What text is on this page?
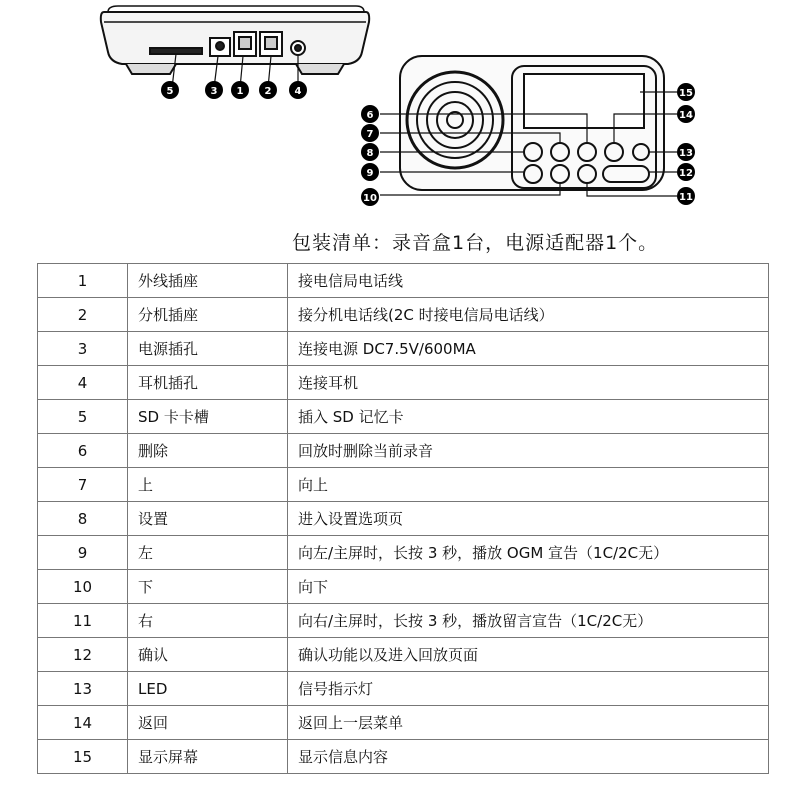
5	3 1 2 4
6
7
8
9
10
15
14
13
12
11
包装清单：录音盒1台，电源适配器1个。
1	外线插座	接电信局电话线
2	分机插座	接分机电话线(2C 时接电信局电话线）
3	电源插孔	连接电源 DC7.5V/600MA
4	耳机插孔	连接耳机
5	SD 卡卡槽	插入 SD 记忆卡
6	删除	回放时删除当前录音
7	上	向上
8	设置	进入设置选项页
9	左	向左/主屏时，长按 3 秒，播放 OGM 宣告（1C/2C无）
10	下	向下
11	右	向右/主屏时，长按 3 秒，播放留言宣告（1C/2C无）
12	确认	确认功能以及进入回放页面
13	LED	信号指示灯
14	返回	返回上一层菜单
15	显示屏幕	显示信息内容
